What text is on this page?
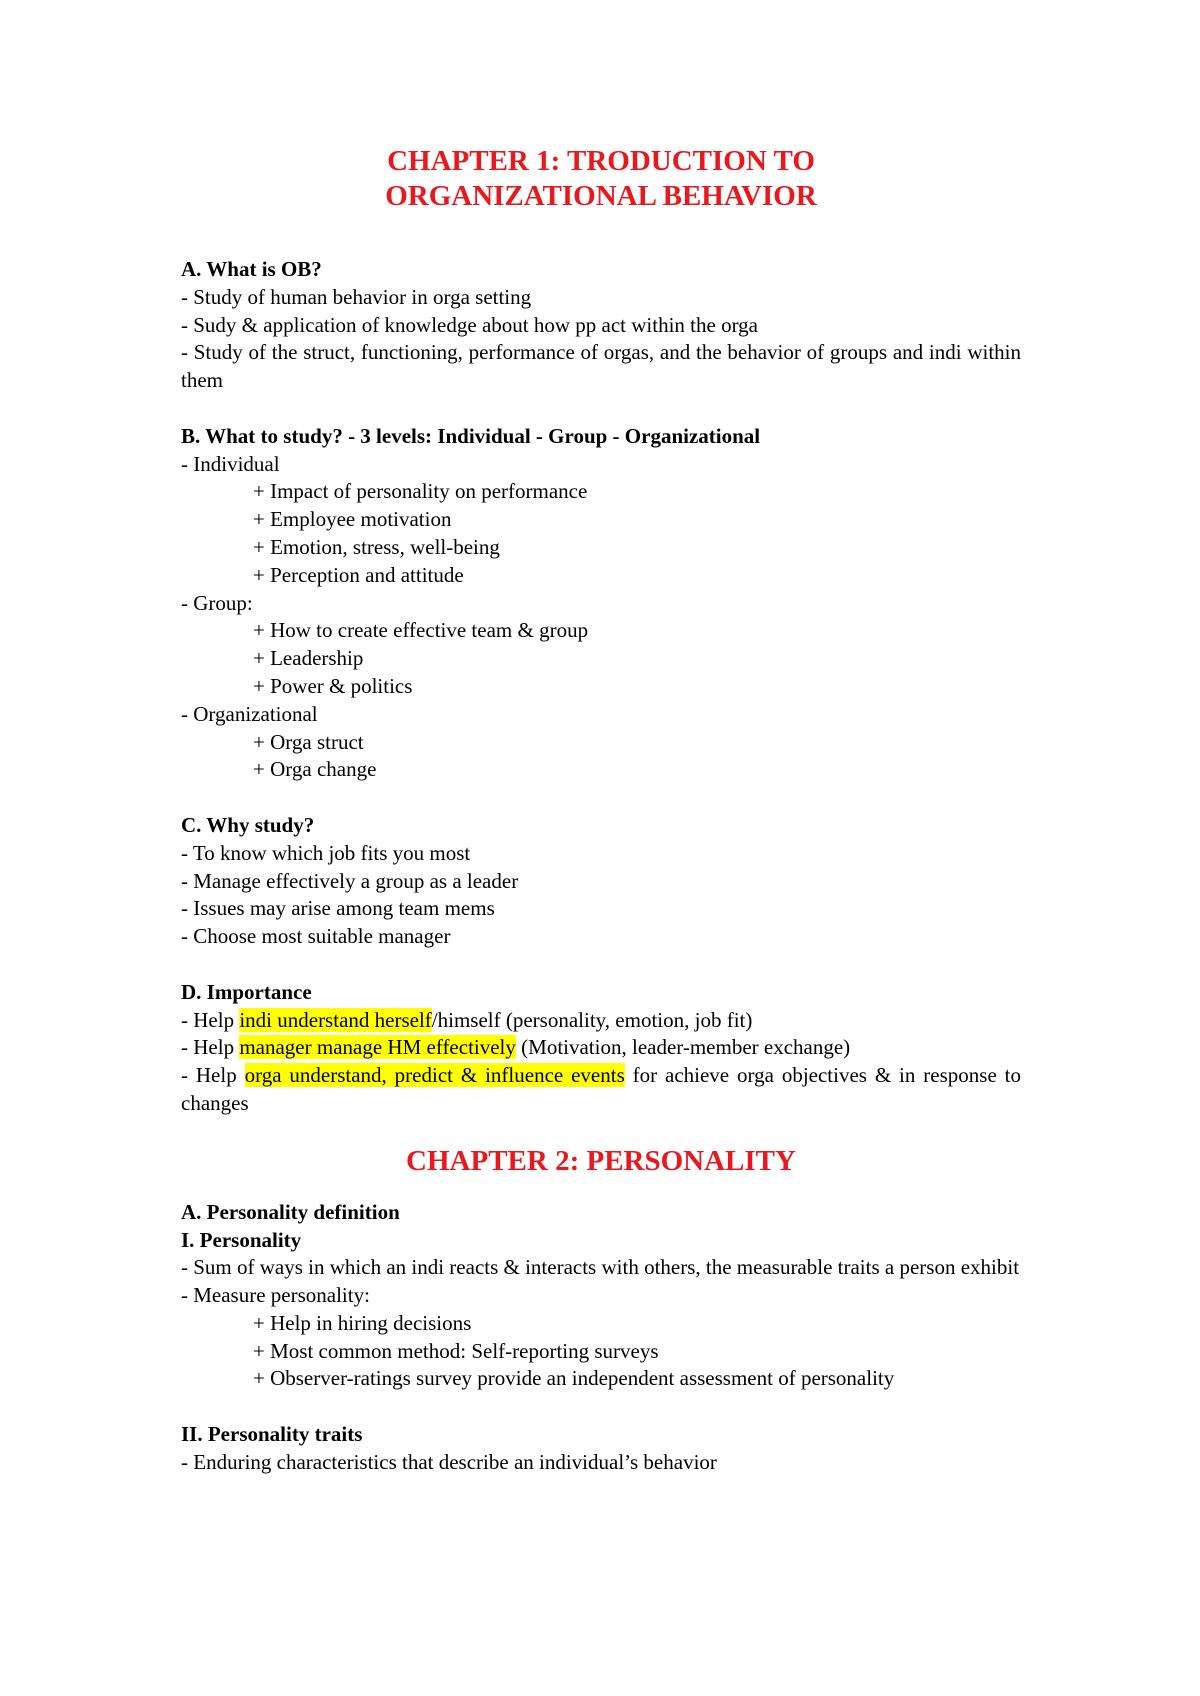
CHAPTER 1: TRODUCTION TO
ORGANIZATIONAL BEHAVIOR
A. What is OB?
- Study of human behavior in orga setting
- Sudy & application of knowledge about how pp act within the orga
- Study of the struct, functioning, performance of orgas, and the behavior of groups and indi within them
B. What to study? - 3 levels: Individual - Group - Organizational
- Individual
+ Impact of personality on performance
+ Employee motivation
+ Emotion, stress, well-being
+ Perception and attitude
- Group:
+ How to create effective team & group
+ Leadership
+ Power & politics
- Organizational
+ Orga struct
+ Orga change
C. Why study?
- To know which job fits you most
- Manage effectively a group as a leader
- Issues may arise among team mems
- Choose most suitable manager
D. Importance
- Help indi understand herself/himself (personality, emotion, job fit)
- Help manager manage HM effectively (Motivation, leader-member exchange)
- Help orga understand, predict & influence events for achieve orga objectives & in response to changes
CHAPTER 2: PERSONALITY
A. Personality definition
I. Personality
- Sum of ways in which an indi reacts & interacts with others, the measurable traits a person exhibit
- Measure personality:
+ Help in hiring decisions
+ Most common method: Self-reporting surveys
+ Observer-ratings survey provide an independent assessment of personality
II. Personality traits
- Enduring characteristics that describe an individual’s behavior
